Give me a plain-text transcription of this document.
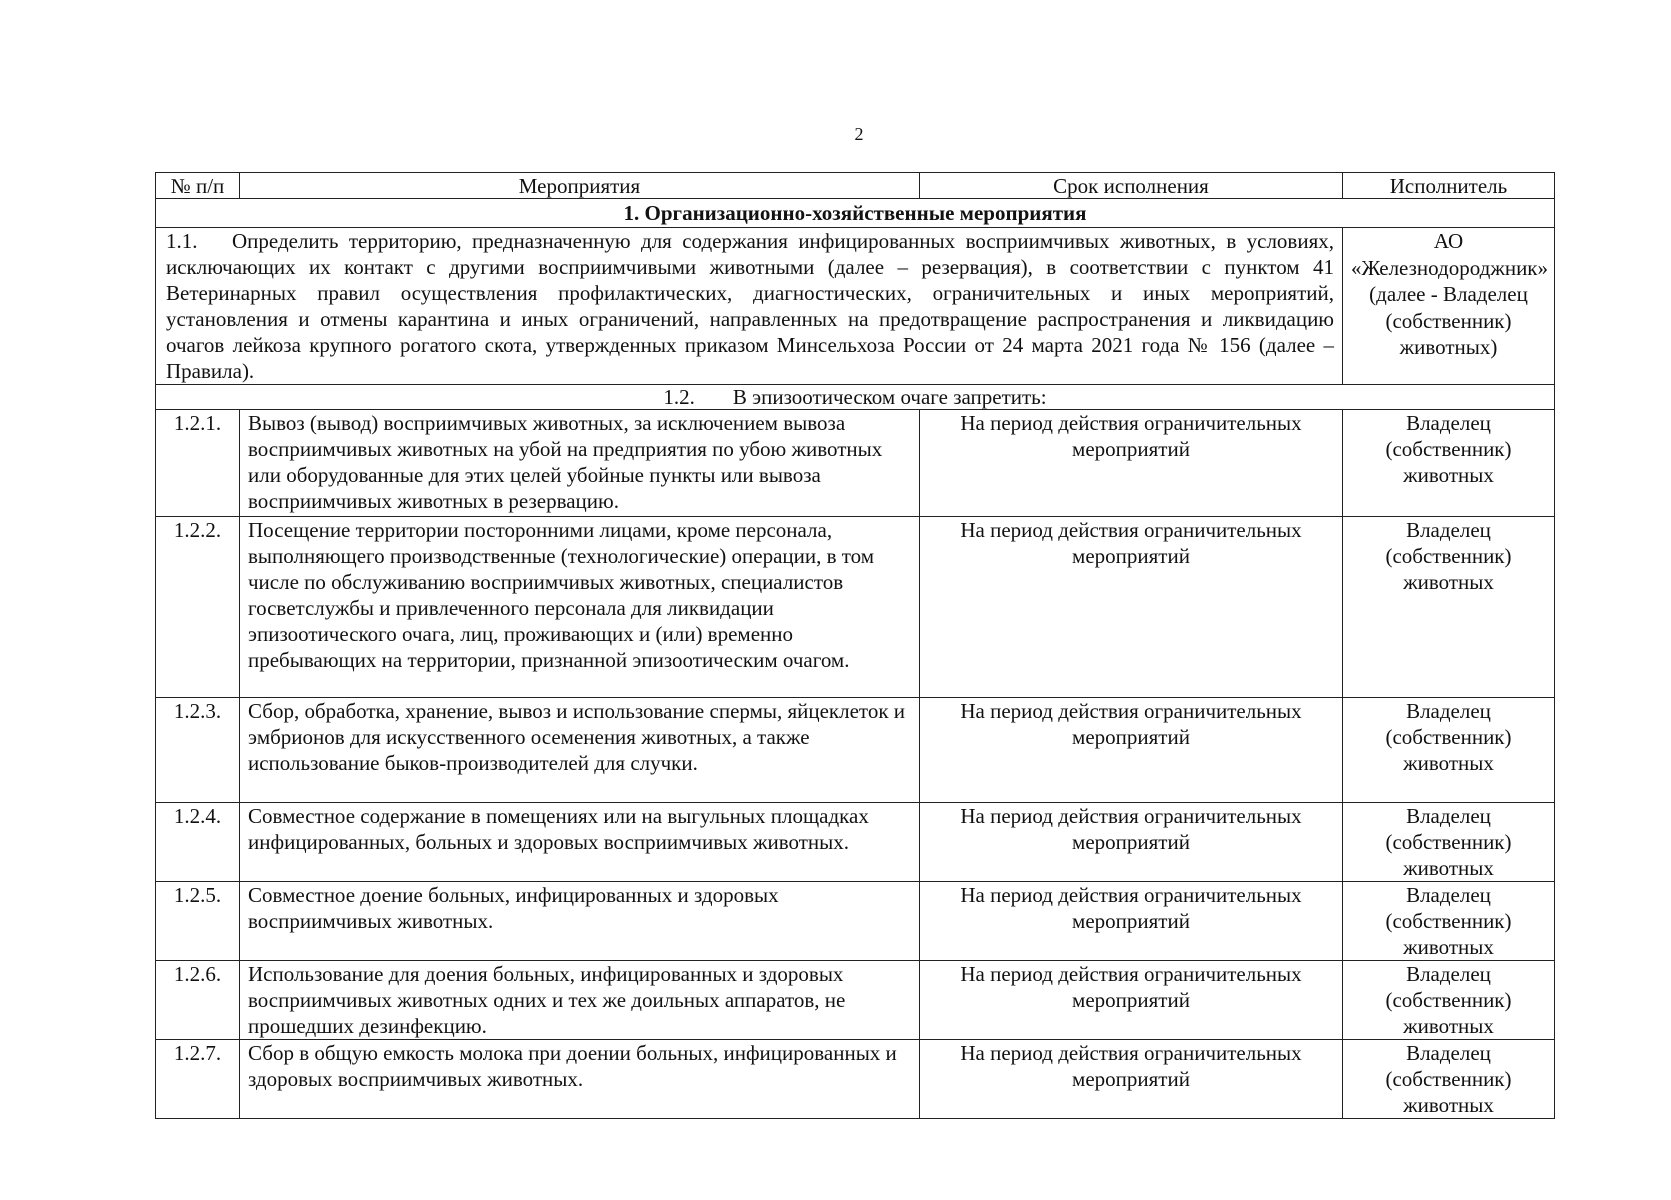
2
№ п/п	Мероприятия	Срок исполнения	Исполнитель
1. Организационно-хозяйственные мероприятия			
1.1. Определить территорию, предназначенную для содержания инфицированных восприимчивых животных, в условиях, исключающих их контакт с другими восприимчивыми животными (далее – резервация), в соответствии с пунктом 41 Ветеринарных правил осуществления профилактических, диагностических, ограничительных и иных мероприятий, установления и отмены карантина и иных ограничений, направленных на предотвращение распространения и ликвидацию очагов лейкоза крупного рогатого скота, утвержденных приказом Минсельхоза России от 24 марта 2021 года № 156 (далее – Правила).			АО «Железнодороджник» (далее - Владелец (собственник) животных)
1.2. В эпизоотическом очаге запретить:			
1.2.1.	Вывоз (вывод) восприимчивых животных, за исключением вывоза восприимчивых животных на убой на предприятия по убою животных или оборудованные для этих целей убойные пункты или вывоза восприимчивых животных в резервацию.	На период действия ограничительных мероприятий	Владелец (собственник) животных
1.2.2.	Посещение территории посторонними лицами, кроме персонала, выполняющего производственные (технологические) операции, в том числе по обслуживанию восприимчивых животных, специалистов госветслужбы и привлеченного персонала для ликвидации эпизоотического очага, лиц, проживающих и (или) временно пребывающих на территории, признанной эпизоотическим очагом.	На период действия ограничительных мероприятий	Владелец (собственник) животных
1.2.3.	Сбор, обработка, хранение, вывоз и использование спермы, яйцеклеток и эмбрионов для искусственного осеменения животных, а также использование быков-производителей для случки.	На период действия ограничительных мероприятий	Владелец (собственник) животных
1.2.4.	Совместное содержание в помещениях или на выгульных площадках инфицированных, больных и здоровых восприимчивых животных.	На период действия ограничительных мероприятий	Владелец (собственник) животных
1.2.5.	Совместное доение больных, инфицированных и здоровых восприимчивых животных.	На период действия ограничительных мероприятий	Владелец (собственник) животных
1.2.6.	Использование для доения больных, инфицированных и здоровых восприимчивых животных одних и тех же доильных аппаратов, не прошедших дезинфекцию.	На период действия ограничительных мероприятий	Владелец (собственник) животных
1.2.7.	Сбор в общую емкость молока при доении больных, инфицированных и здоровых восприимчивых животных.	На период действия ограничительных мероприятий	Владелец (собственник) животных
